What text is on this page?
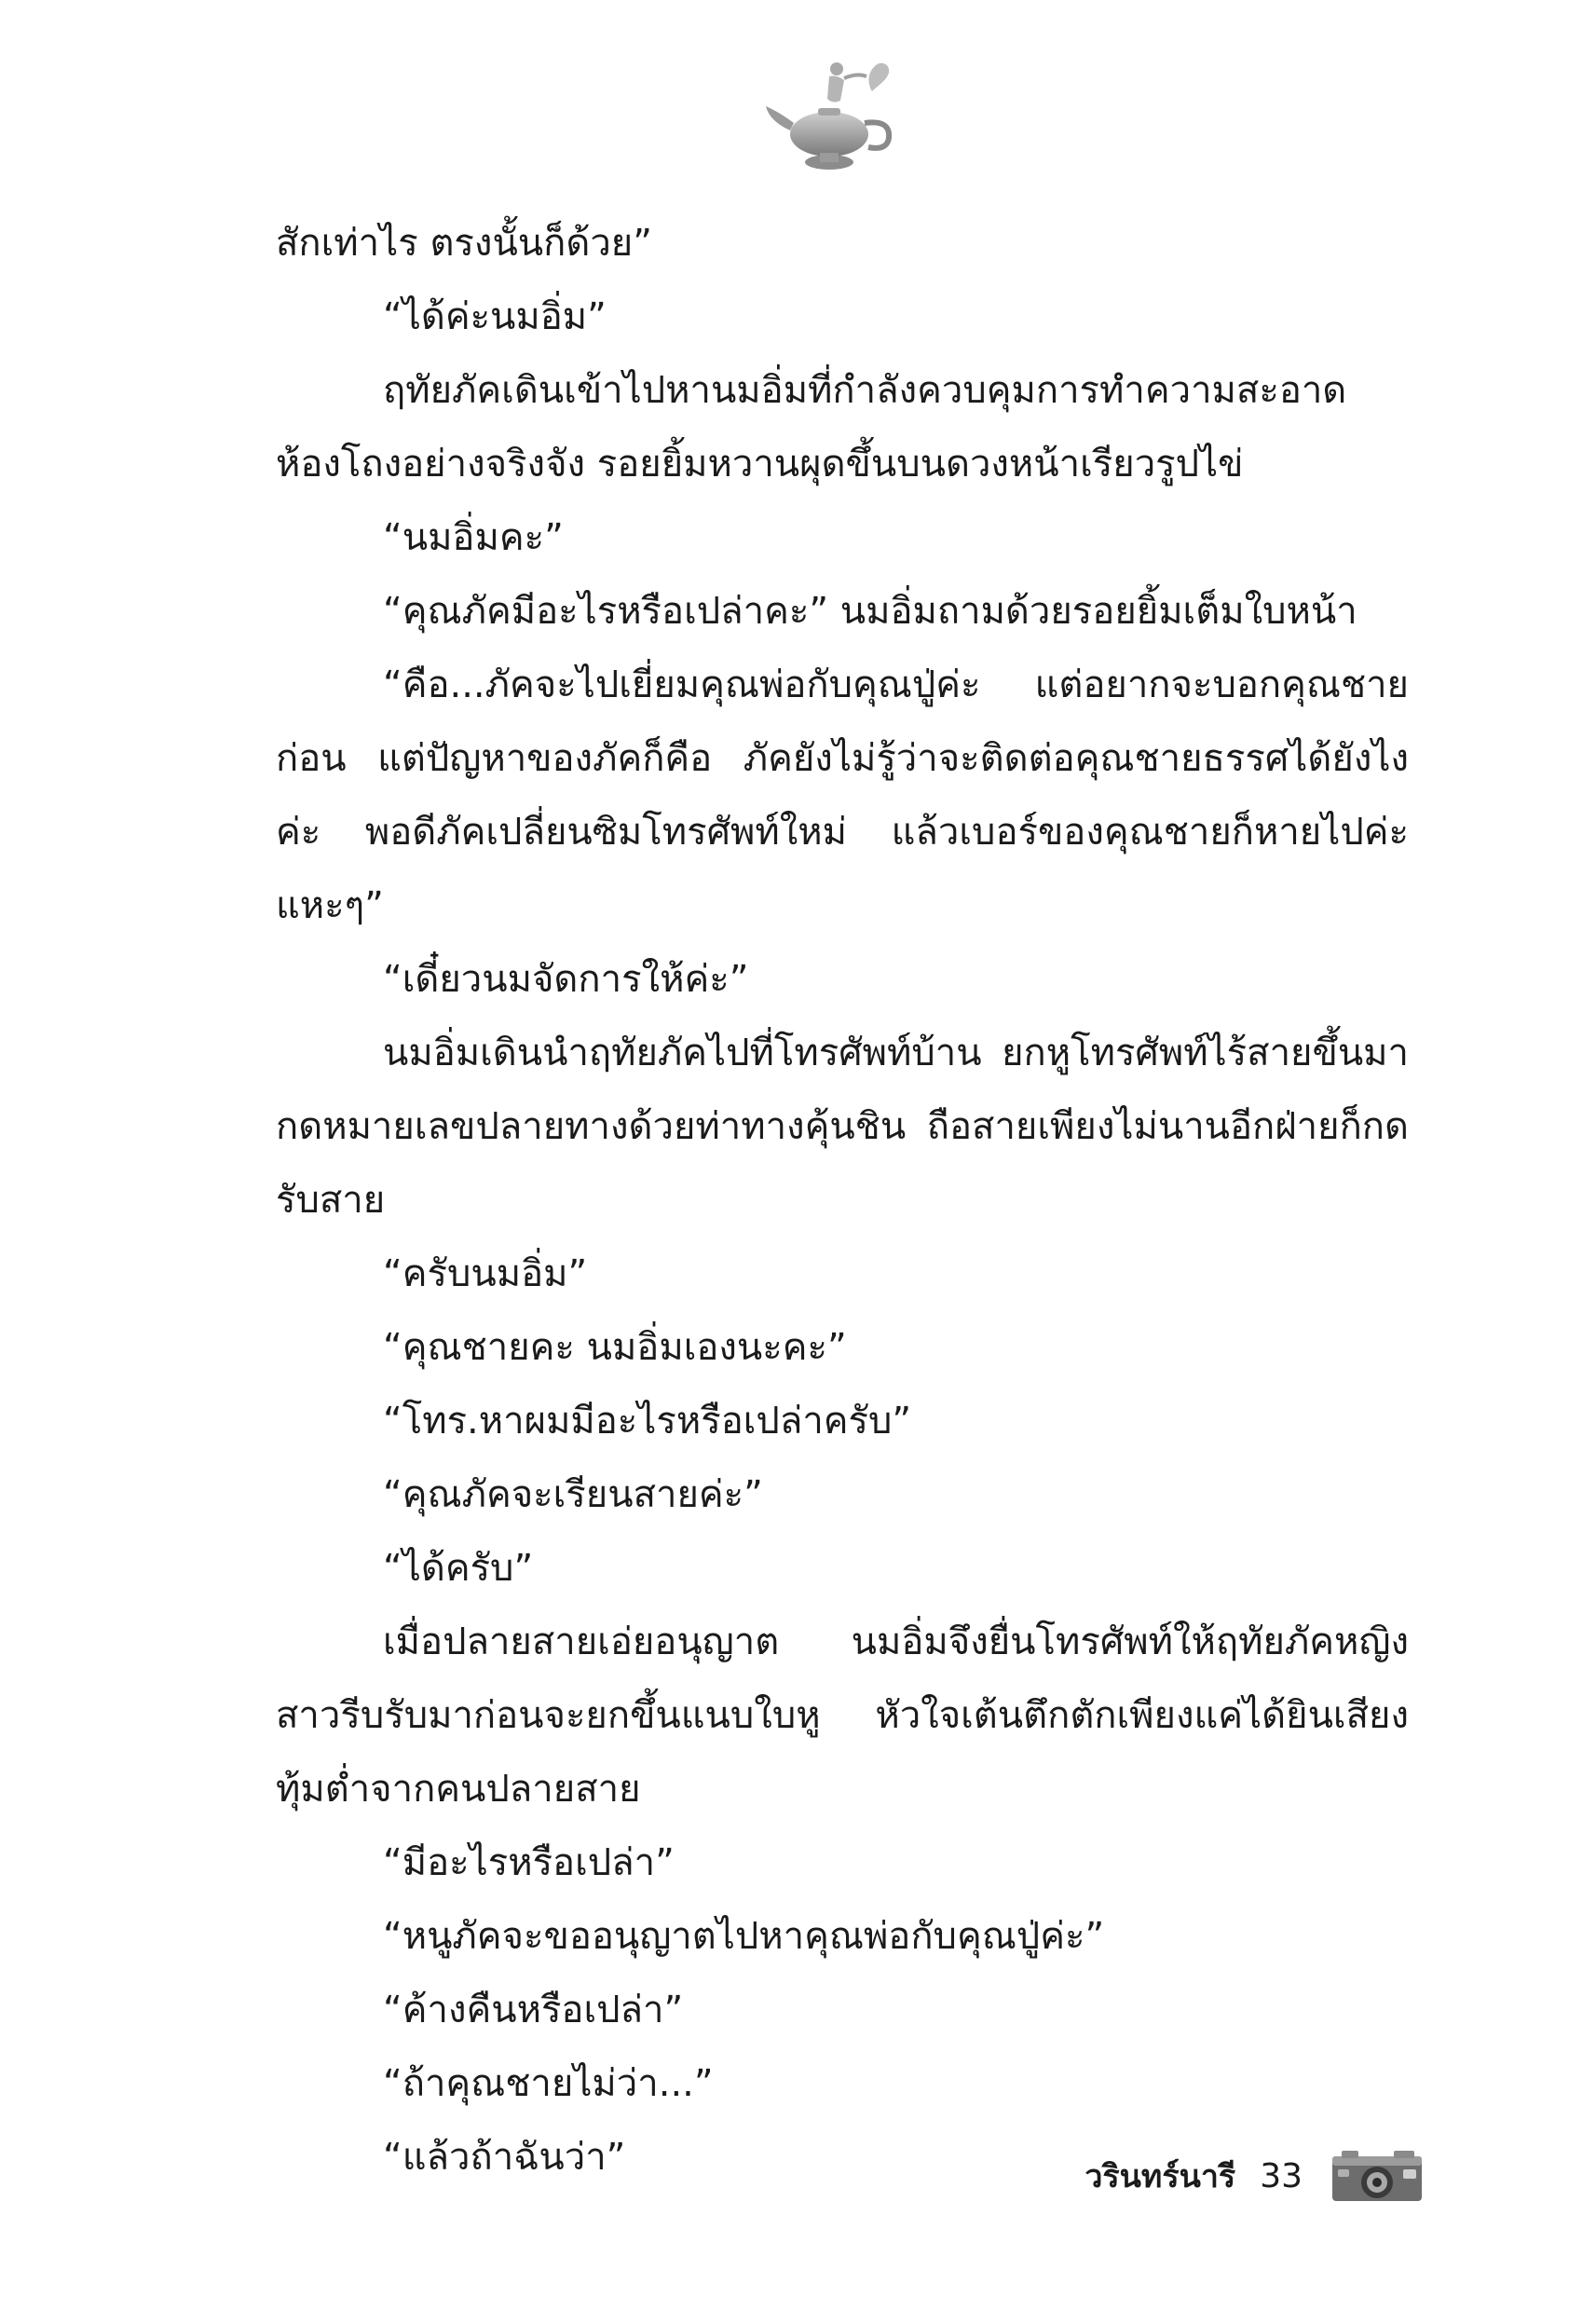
สักเท่าไร ตรงนั้นก็ด้วย”

“ได้ค่ะนมอิ่ม”

ฤทัยภัคเดินเข้าไปหานมอิ่มที่กำลังควบคุมการทำความสะอาดห้องโถงอย่างจริงจัง รอยยิ้มหวานผุดขึ้นบนดวงหน้าเรียวรูปไข่

“นมอิ่มคะ”

“คุณภัคมีอะไรหรือเปล่าคะ” นมอิ่มถามด้วยรอยยิ้มเต็มใบหน้า

“คือ...ภัคจะไปเยี่ยมคุณพ่อกับคุณปู่ค่ะ แต่อยากจะบอกคุณชายก่อน แต่ปัญหาของภัคก็คือ ภัคยังไม่รู้ว่าจะติดต่อคุณชายธรรศได้ยังไงค่ะ พอดีภัคเปลี่ยนซิมโทรศัพท์ใหม่ แล้วเบอร์ของคุณชายก็หายไปค่ะ แหะๆ”

“เดี๋ยวนมจัดการให้ค่ะ”

นมอิ่มเดินนำฤทัยภัคไปที่โทรศัพท์บ้าน ยกหูโทรศัพท์ไร้สายขึ้นมา กดหมายเลขปลายทางด้วยท่าทางคุ้นชิน ถือสายเพียงไม่นานอีกฝ่ายก็กดรับสาย

“ครับนมอิ่ม”

“คุณชายคะ นมอิ่มเองนะคะ”

“โทร.หาผมมีอะไรหรือเปล่าครับ”

“คุณภัคจะเรียนสายค่ะ”

“ได้ครับ”

เมื่อปลายสายเอ่ยอนุญาต นมอิ่มจึงยื่นโทรศัพท์ให้ฤทัยภัคหญิงสาวรีบรับมาก่อนจะยกขึ้นแนบใบหู หัวใจเต้นตึกตักเพียงแค่ได้ยินเสียงทุ้มต่ำจากคนปลายสาย

“มีอะไรหรือเปล่า”

“หนูภัคจะขออนุญาตไปหาคุณพ่อกับคุณปู่ค่ะ”

“ค้างคืนหรือเปล่า”

“ถ้าคุณชายไม่ว่า...”

“แล้วถ้าฉันว่า”	วรินทร์นารี 33
